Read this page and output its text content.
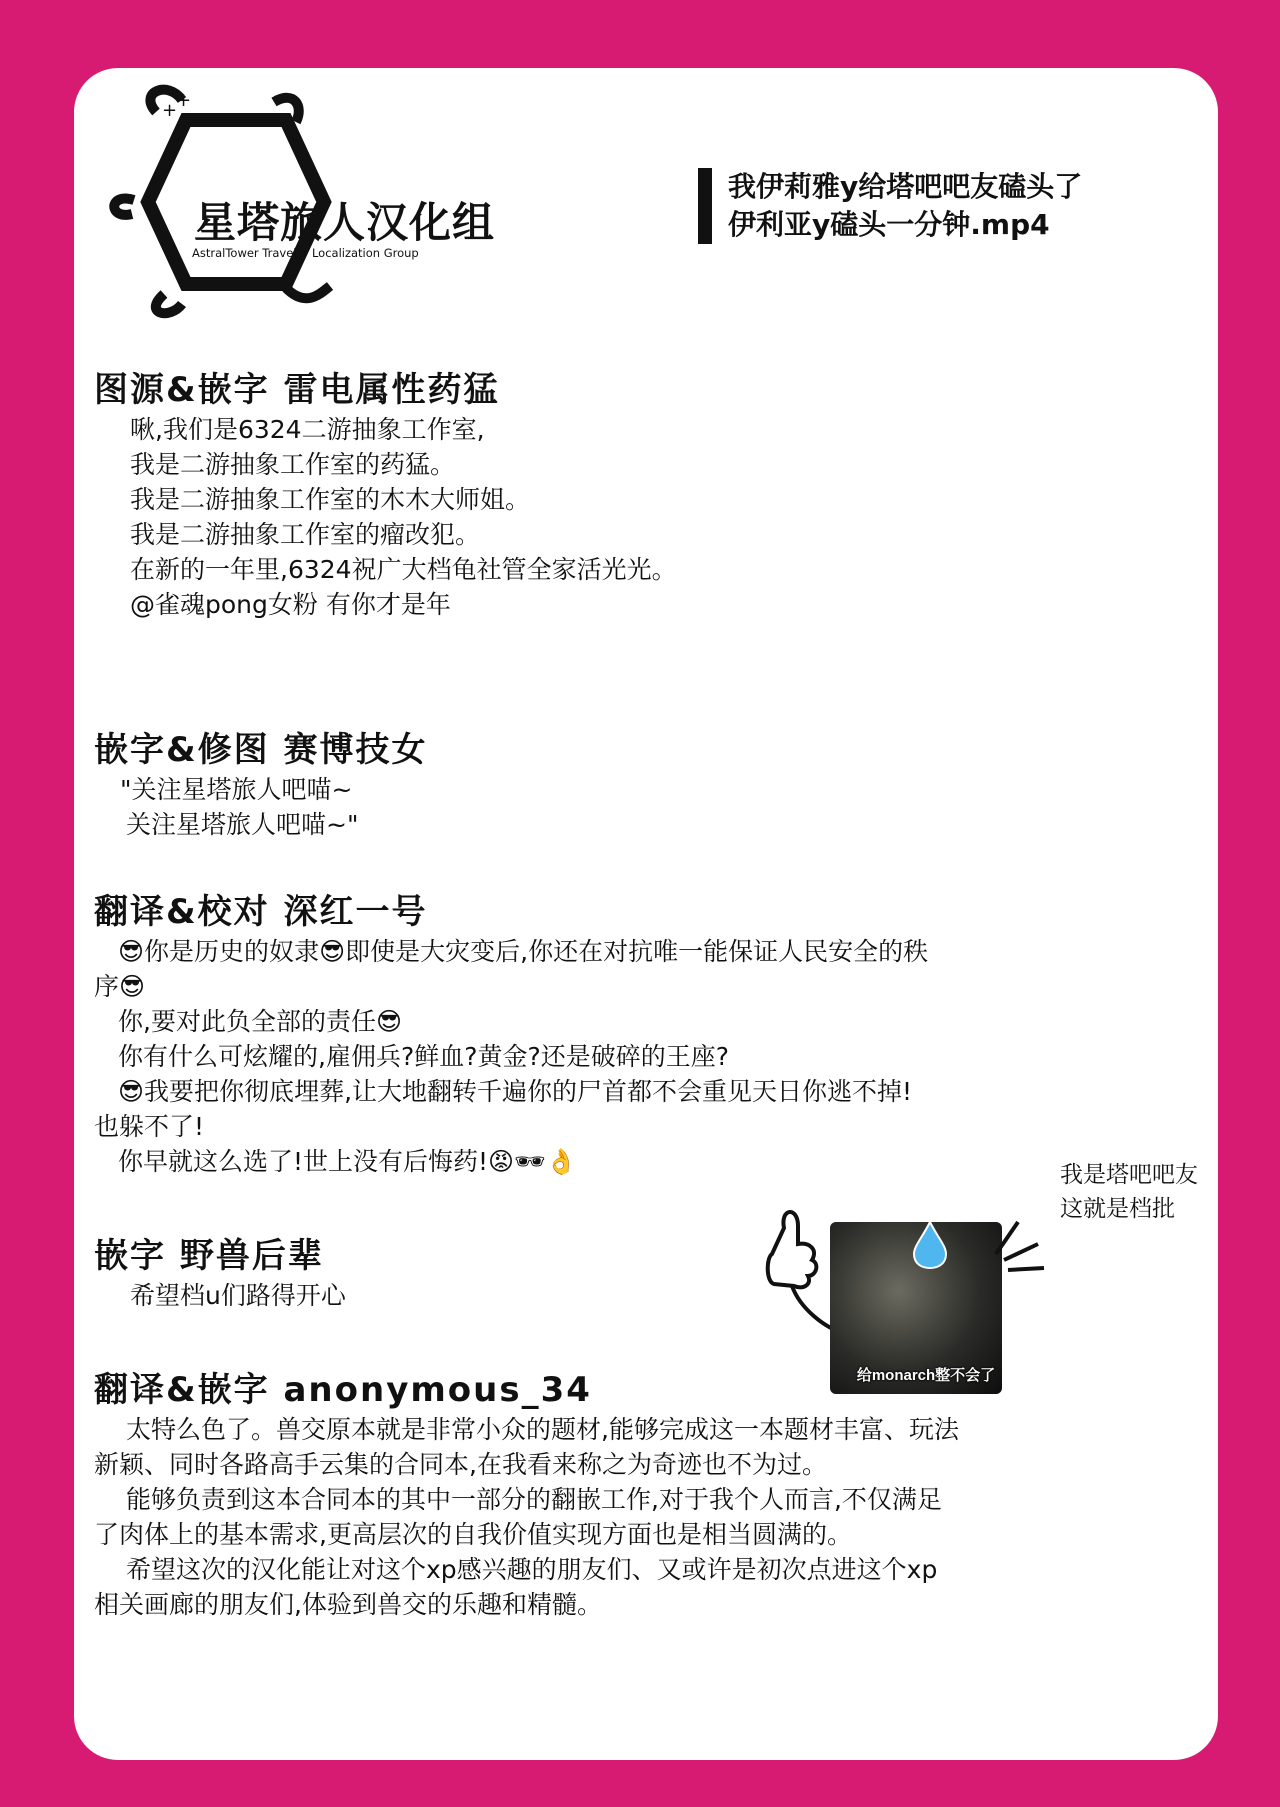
+
+
星塔旅人汉化组
AstralTower Traveler Localization Group
我伊莉雅y给塔吧吧友磕头了
伊利亚y磕头一分钟.mp4
图源&嵌字 雷电属性药猛

啾,我们是6324二游抽象工作室,

我是二游抽象工作室的药猛。

我是二游抽象工作室的木木大师姐。

我是二游抽象工作室的瘤改犯。

在新的一年里,6324祝广大档龟社管全家活光光。

@雀魂pong女粉 有你才是年

嵌字&修图 赛博技女

"关注星塔旅人吧喵~

关注星塔旅人吧喵~"

翻译&校对 深红一号

😎你是历史的奴隶😎即使是大灾变后,你还在对抗唯一能保证人民安全的秩

序😎

你,要对此负全部的责任😎

你有什么可炫耀的,雇佣兵?鲜血?黄金?还是破碎的王座?

😎我要把你彻底埋葬,让大地翻转千遍你的尸首都不会重见天日你逃不掉!

也躲不了!

你早就这么选了!世上没有后悔药!😡🕶👌

给monarch整不会了
我是塔吧吧友
这就是档批
嵌字 野兽后辈

希望档u们路得开心

翻译&嵌字 anonymous_34

太特么色了。兽交原本就是非常小众的题材,能够完成这一本题材丰富、玩法

新颖、同时各路高手云集的合同本,在我看来称之为奇迹也不为过。

能够负责到这本合同本的其中一部分的翻嵌工作,对于我个人而言,不仅满足

了肉体上的基本需求,更高层次的自我价值实现方面也是相当圆满的。

希望这次的汉化能让对这个xp感兴趣的朋友们、又或许是初次点进这个xp

相关画廊的朋友们,体验到兽交的乐趣和精髓。
